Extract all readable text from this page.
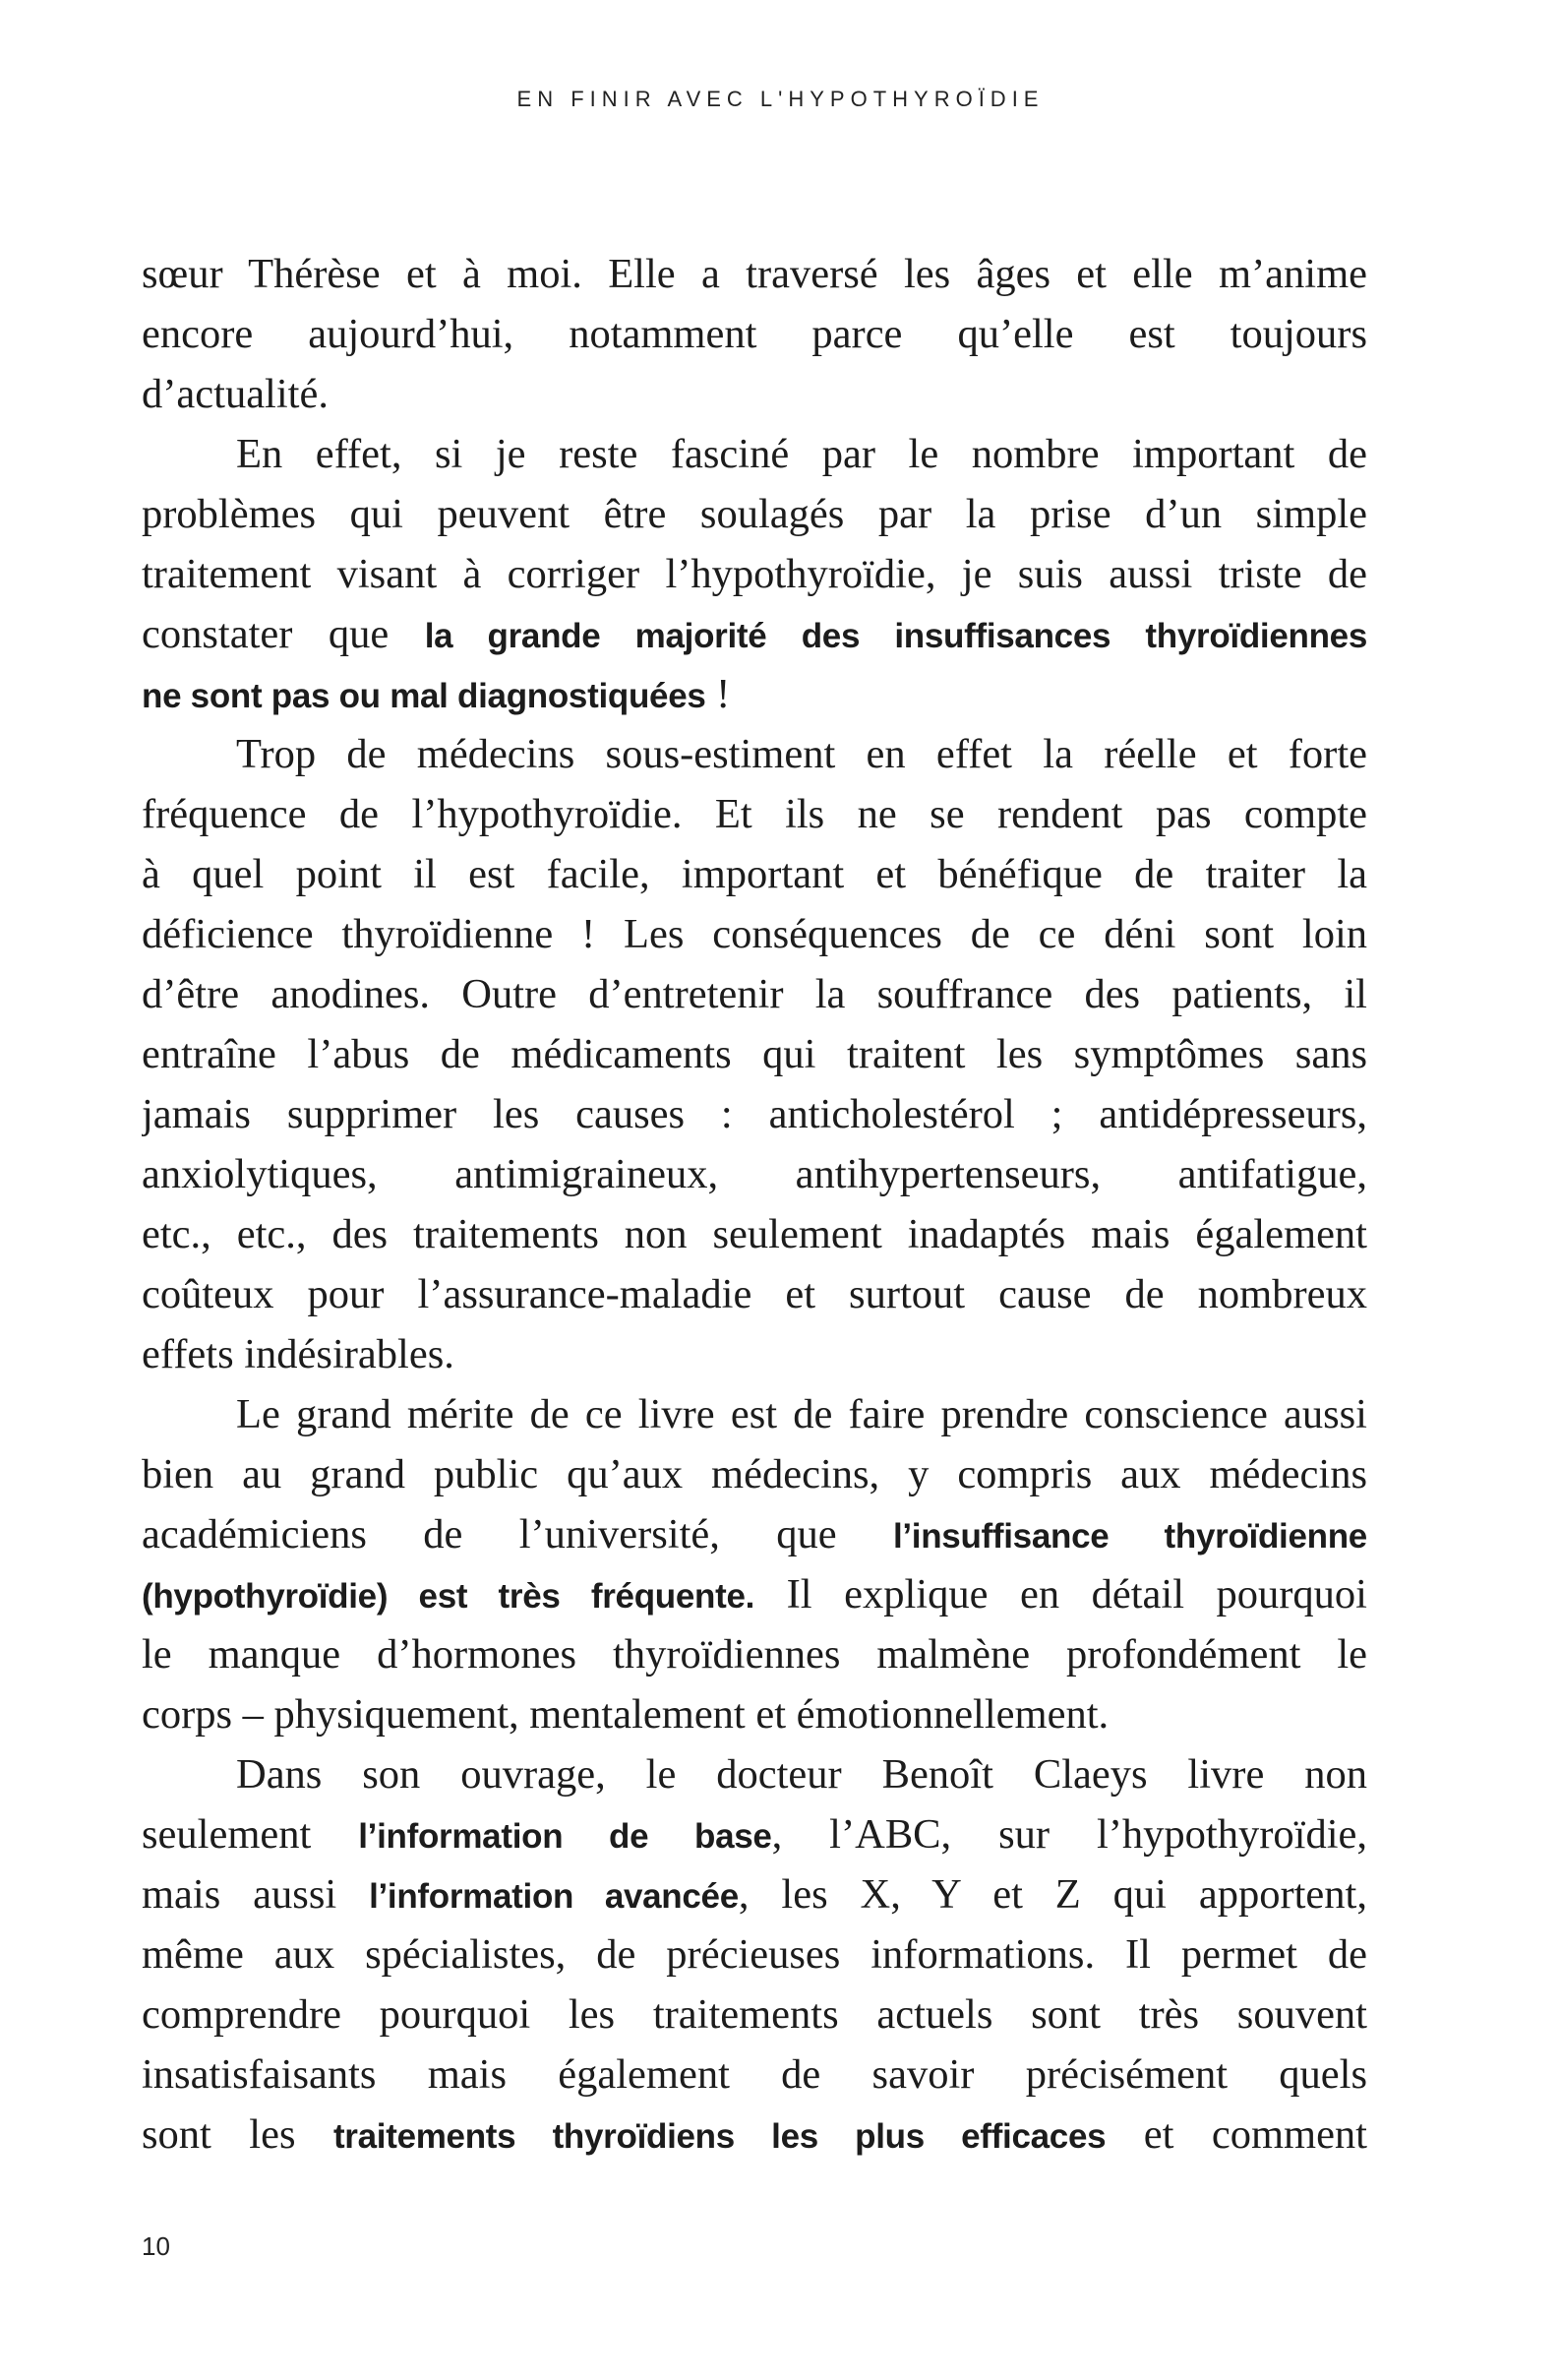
EN FINIR AVEC L'HYPOTHYROÏDIE
sœur Thérèse et à moi. Elle a traversé les âges et elle m’anime
encore aujourd’hui, notamment parce qu’elle est toujours
d’actualité.
En effet, si je reste fasciné par le nombre important de
problèmes qui peuvent être soulagés par la prise d’un simple
traitement visant à corriger l’hypothyroïdie, je suis aussi triste de
constater que la grande majorité des insuffisances thyroïdiennes
ne sont pas ou mal diagnostiquées !
Trop de médecins sous-estiment en effet la réelle et forte
fréquence de l’hypothyroïdie. Et ils ne se rendent pas compte
à quel point il est facile, important et bénéfique de traiter la
déficience thyroïdienne ! Les conséquences de ce déni sont loin
d’être anodines. Outre d’entretenir la souffrance des patients, il
entraîne l’abus de médicaments qui traitent les symptômes sans
jamais supprimer les causes : anticholestérol ; antidépresseurs,
anxiolytiques, antimigraineux, antihypertenseurs, antifatigue,
etc., etc., des traitements non seulement inadaptés mais également
coûteux pour l’assurance-maladie et surtout cause de nombreux
effets indésirables.
Le grand mérite de ce livre est de faire prendre conscience aussi
bien au grand public qu’aux médecins, y compris aux médecins
académiciens de l’université, que l’insuffisance thyroïdienne
(hypothyroïdie) est très fréquente. Il explique en détail pourquoi
le manque d’hormones thyroïdiennes malmène profondément le
corps – physiquement, mentalement et émotionnellement.
Dans son ouvrage, le docteur Benoît Claeys livre non
seulement l’information de base, l’ABC, sur l’hypothyroïdie,
mais aussi l’information avancée, les X, Y et Z qui apportent,
même aux spécialistes, de précieuses informations. Il permet de
comprendre pourquoi les traitements actuels sont très souvent
insatisfaisants mais également de savoir précisément quels
sont les traitements thyroïdiens les plus efficaces et comment
10
